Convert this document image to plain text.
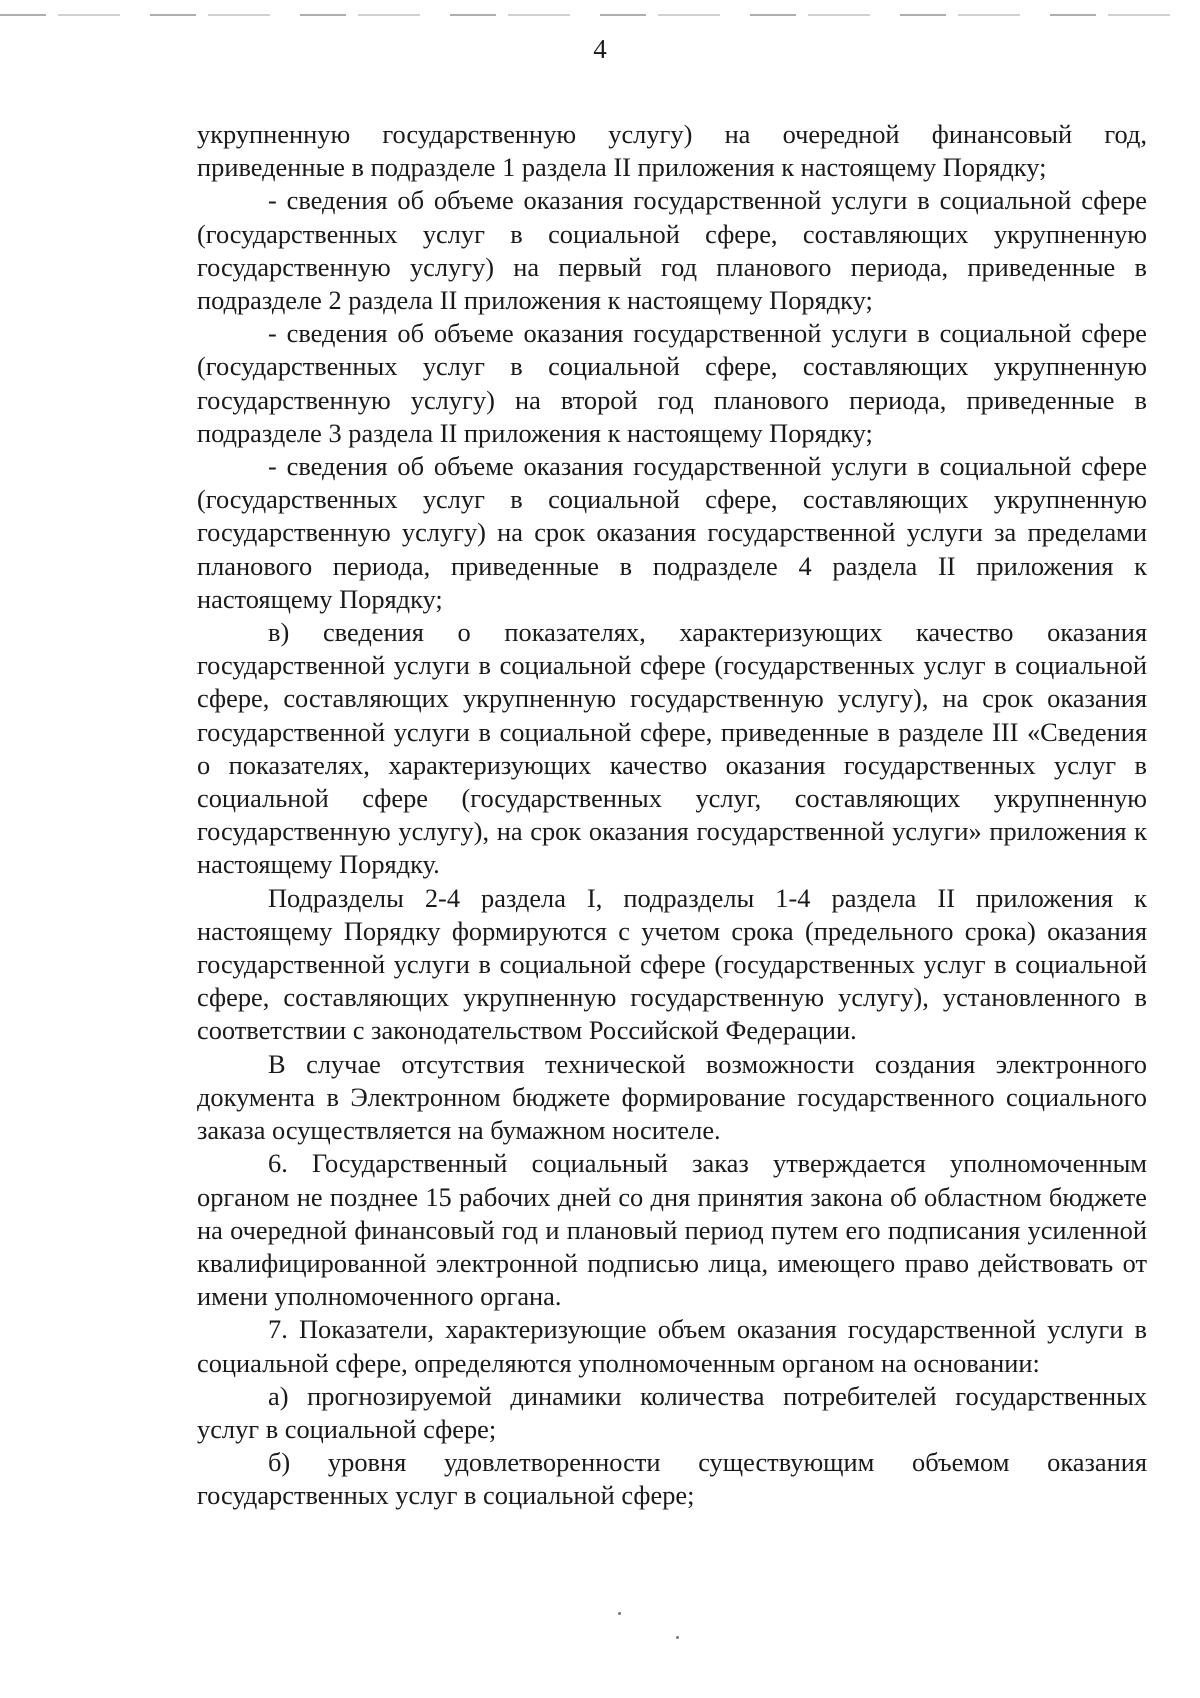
4

укрупненную государственную услугу) на очередной финансовый год, приведенные в подразделе 1 раздела II приложения к настоящему Порядку;

- сведения об объеме оказания государственной услуги в социальной сфере (государственных услуг в социальной сфере, составляющих укрупненную государственную услугу) на первый год планового периода, приведенные в подразделе 2 раздела II приложения к настоящему Порядку;

- сведения об объеме оказания государственной услуги в социальной сфере (государственных услуг в социальной сфере, составляющих укрупненную государственную услугу) на второй год планового периода, приведенные в подразделе 3 раздела II приложения к настоящему Порядку;

- сведения об объеме оказания государственной услуги в социальной сфере (государственных услуг в социальной сфере, составляющих укрупненную государственную услугу) на срок оказания государственной услуги за пределами планового периода, приведенные в подразделе 4 раздела II приложения к настоящему Порядку;

в) сведения о показателях, характеризующих качество оказания государственной услуги в социальной сфере (государственных услуг в социальной сфере, составляющих укрупненную государственную услугу), на срок оказания государственной услуги в социальной сфере, приведенные в разделе III «Сведения о показателях, характеризующих качество оказания государственных услуг в социальной сфере (государственных услуг, составляющих укрупненную государственную услугу), на срок оказания государственной услуги» приложения к настоящему Порядку.

Подразделы 2-4 раздела I, подразделы 1-4 раздела II приложения к настоящему Порядку формируются с учетом срока (предельного срока) оказания государственной услуги в социальной сфере (государственных услуг в социальной сфере, составляющих укрупненную государственную услугу), установленного в соответствии с законодательством Российской Федерации.

В случае отсутствия технической возможности создания электронного документа в Электронном бюджете формирование государственного социального заказа осуществляется на бумажном носителе.

6. Государственный социальный заказ утверждается уполномоченным органом не позднее 15 рабочих дней со дня принятия закона об областном бюджете на очередной финансовый год и плановый период путем его подписания усиленной квалифицированной электронной подписью лица, имеющего право действовать от имени уполномоченного органа.

7. Показатели, характеризующие объем оказания государственной услуги в социальной сфере, определяются уполномоченным органом на основании:

а) прогнозируемой динамики количества потребителей государственных услуг в социальной сфере;

б) уровня удовлетворенности существующим объемом оказания государственных услуг в социальной сфере;
